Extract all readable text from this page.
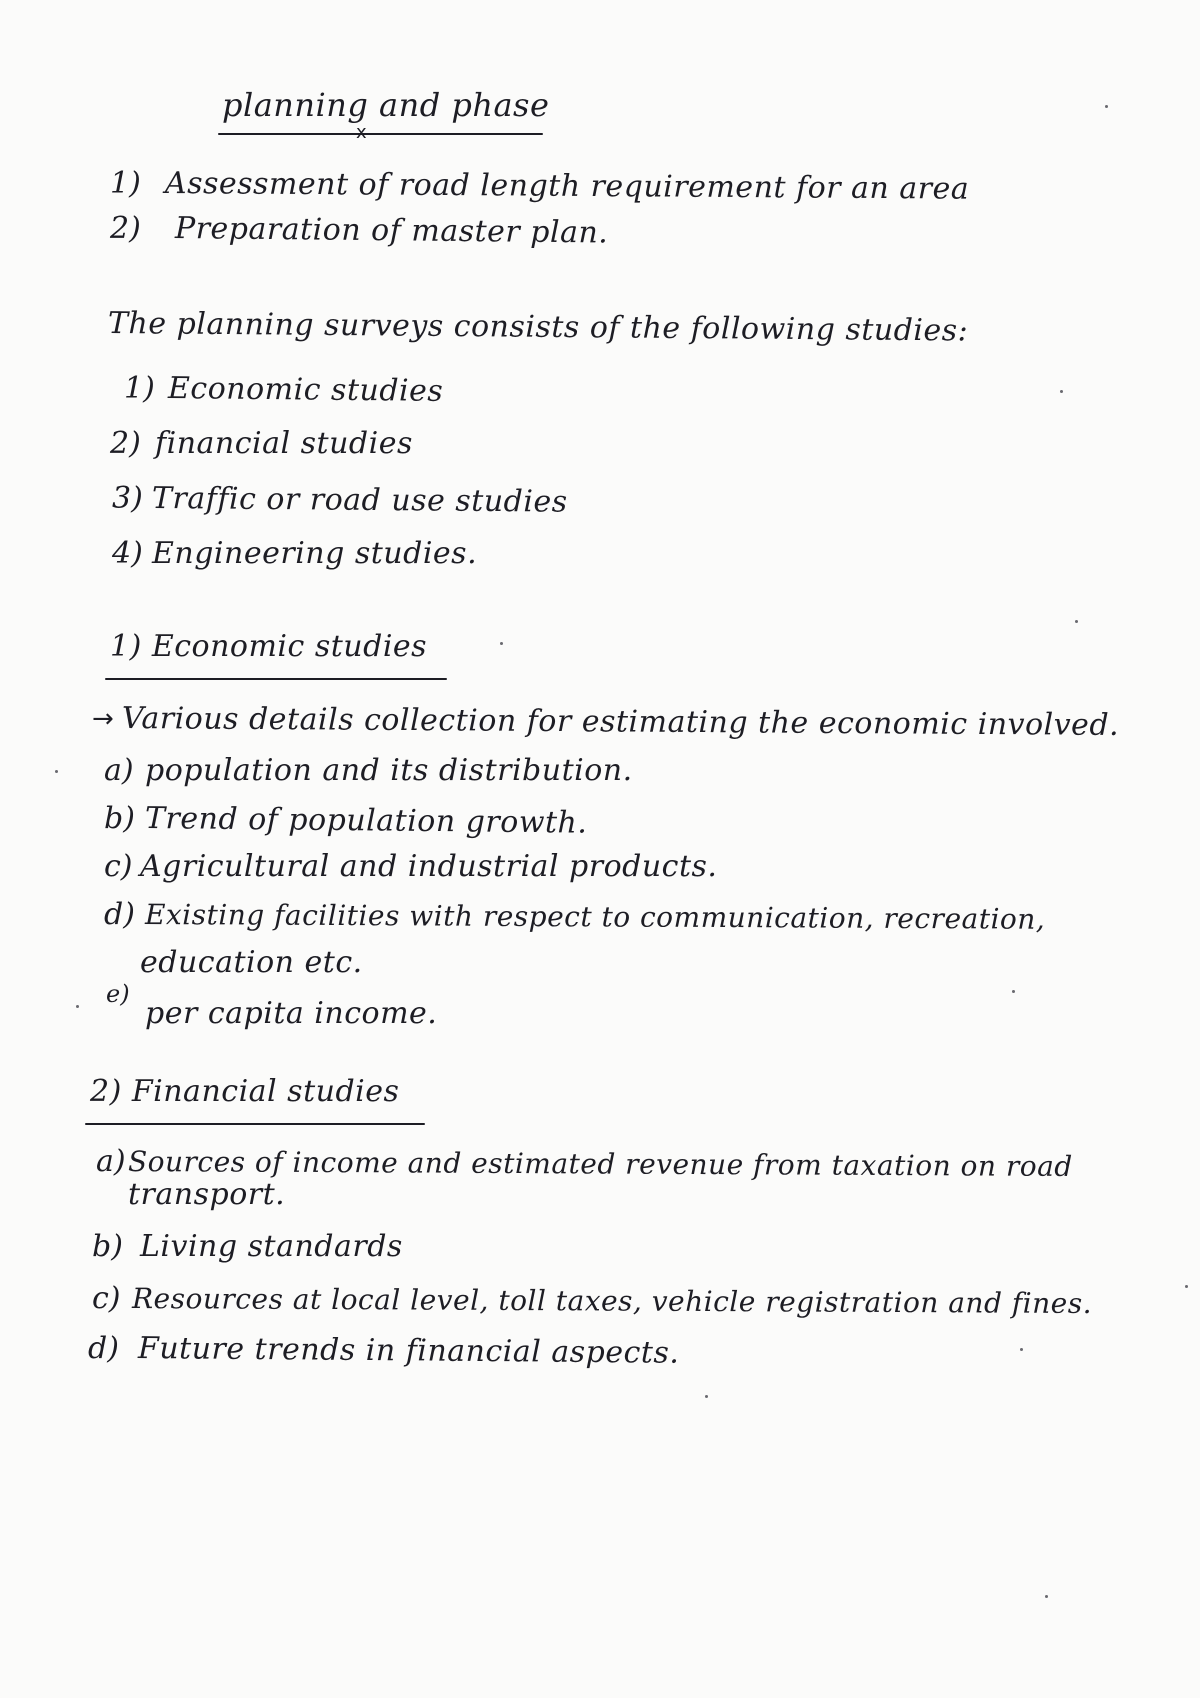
planning and phase
x
1) Assessment of road length requirement for an area
2) Preparation of master plan.
The planning surveys consists of the following studies:
1) Economic studies
2) financial studies
3) Traffic or road use studies
4) Engineering studies.
1) Economic studies
→ Various details collection for estimating the economic involved.
a) population and its distribution.
b) Trend of population growth.
c) Agricultural and industrial products.
d) Existing facilities with respect to communication, recreation,
education etc.
e)
per capita income.
2) Financial studies
a) Sources of income and estimated revenue from taxation on road
transport.
b) Living standards
c) Resources at local level, toll taxes, vehicle registration and fines.
d) Future trends in financial aspects.
